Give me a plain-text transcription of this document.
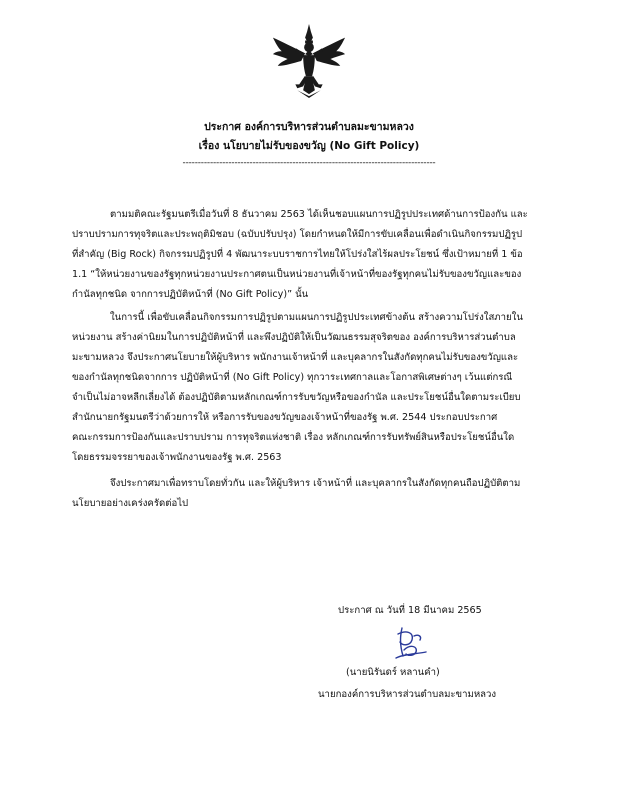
ประกาศ องค์การบริหารส่วนตำบลมะขามหลวง
เรื่อง นโยบายไม่รับของขวัญ (No Gift Policy)
-----------------------------------------------------------------------------------
ตามมติคณะรัฐมนตรีเมื่อวันที่ 8 ธันวาคม 2563 ได้เห็นชอบแผนการปฏิรูปประเทศด้านการป้องกัน และ
ปราบปรามการทุจริตและประพฤติมิชอบ (ฉบับปรับปรุง) โดยกำหนดให้มีการขับเคลื่อนเพื่อดำเนินกิจกรรมปฏิรูป
ที่สำคัญ (Big Rock) กิจกรรมปฏิรูปที่ 4 พัฒนาระบบราชการไทยให้โปร่งใสไร้ผลประโยชน์ ซึ่งเป้าหมายที่ 1 ข้อ
1.1 “ให้หน่วยงานของรัฐทุกหน่วยงานประกาศตนเป็นหน่วยงานที่เจ้าหน้าที่ของรัฐทุกคนไม่รับของขวัญและของ
กำนัลทุกชนิด จากการปฏิบัติหน้าที่ (No Gift Policy)” นั้น
ในการนี้ เพื่อขับเคลื่อนกิจกรรมการปฏิรูปตามแผนการปฏิรูปประเทศข้างต้น สร้างความโปร่งใสภายใน
หน่วยงาน สร้างค่านิยมในการปฏิบัติหน้าที่ และพึงปฏิบัติให้เป็นวัฒนธรรมสุจริตของ องค์การบริหารส่วนตำบล
มะขามหลวง จึงประกาศนโยบายให้ผู้บริหาร พนักงานเจ้าหน้าที่ และบุคลากรในสังกัดทุกคนไม่รับของขวัญและ
ของกำนัลทุกชนิดจากการ ปฏิบัติหน้าที่ (No Gift Policy) ทุกวาระเทศกาลและโอกาสพิเศษต่างๆ เว้นแต่กรณี
จำเป็นไม่อาจหลีกเลี่ยงได้ ต้องปฏิบัติตามหลักเกณฑ์การรับขวัญหรือของกำนัล และประโยชน์อื่นใดตามระเบียบ
สำนักนายกรัฐมนตรีว่าด้วยการให้ หรือการรับของขวัญของเจ้าหน้าที่ของรัฐ พ.ศ. 2544 ประกอบประกาศ
คณะกรรมการป้องกันและปราบปราม การทุจริตแห่งชาติ เรื่อง หลักเกณฑ์การรับทรัพย์สินหรือประโยชน์อื่นใด
โดยธรรมจรรยาของเจ้าพนักงานของรัฐ พ.ศ. 2563
จึงประกาศมาเพื่อทราบโดยทั่วกัน และให้ผู้บริหาร เจ้าหน้าที่ และบุคลากรในสังกัดทุกคนถือปฏิบัติตาม
นโยบายอย่างเคร่งครัดต่อไป
ประกาศ ณ วันที่ 18 มีนาคม 2565
(นายนิรันดร์ หลานคำ)
นายกองค์การบริหารส่วนตำบลมะขามหลวง
